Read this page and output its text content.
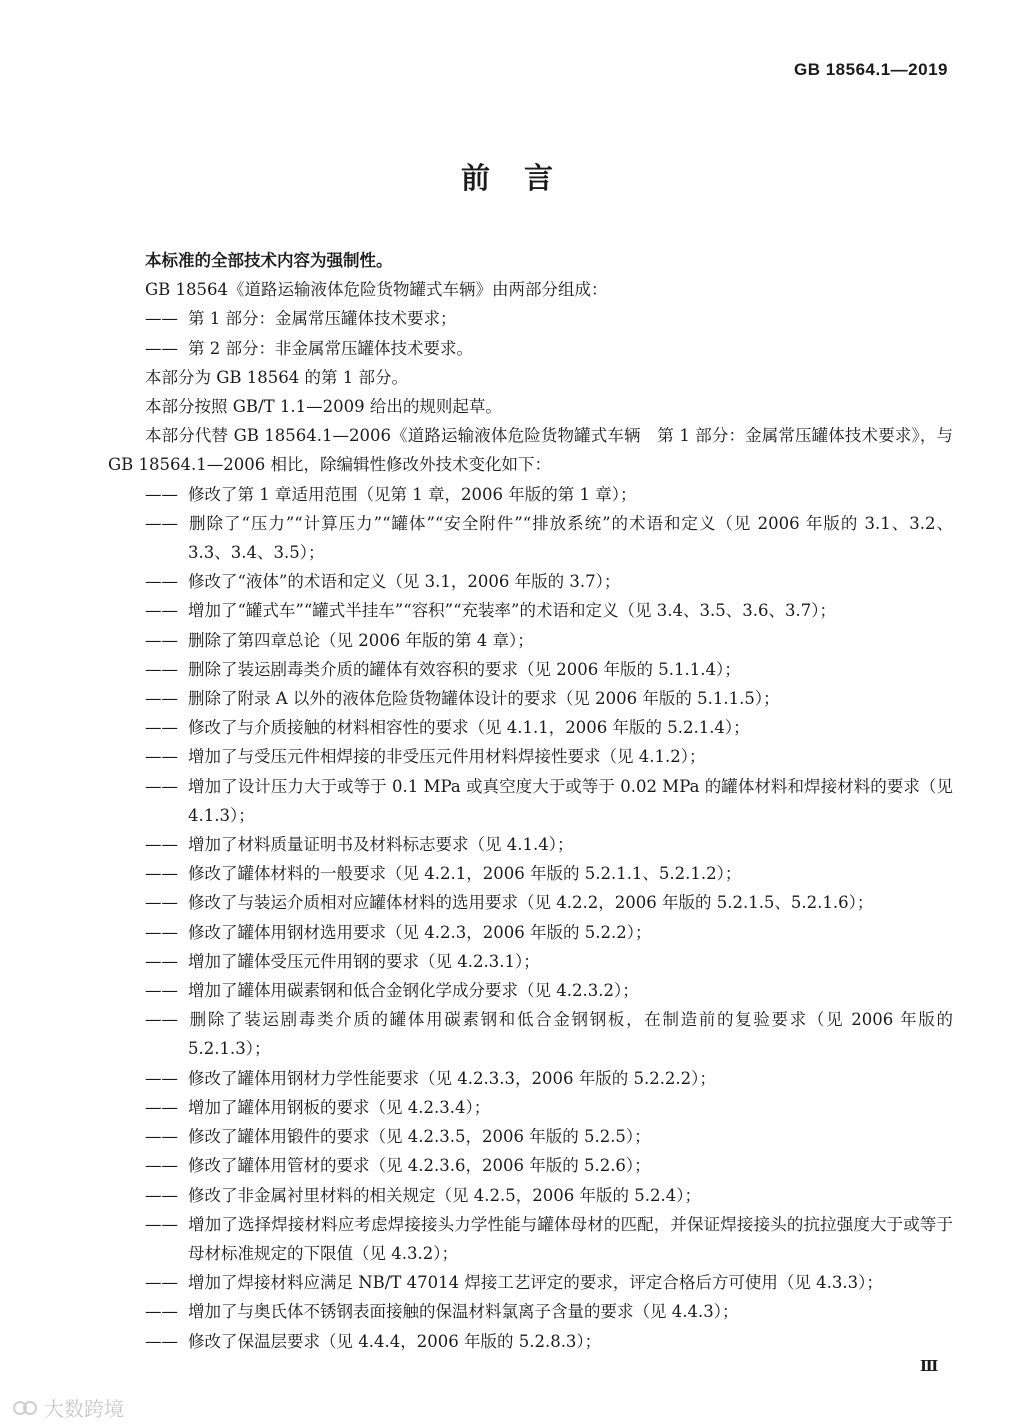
GB 18564.1—2019
前言

本标准的全部技术内容为强制性。

GB 18564《道路运输液体危险货物罐式车辆》由两部分组成：

—— 第 1 部分：金属常压罐体技术要求；

—— 第 2 部分：非金属常压罐体技术要求。

本部分为 GB 18564 的第 1 部分。

本部分按照 GB/T 1.1—2009 给出的规则起草。

本部分代替 GB 18564.1—2006《道路运输液体危险货物罐式车辆　第 1 部分：金属常压罐体技术要求》，与 GB 18564.1—2006 相比，除编辑性修改外技术变化如下：

—— 修改了第 1 章适用范围（见第 1 章，2006 年版的第 1 章）；

—— 删除了“压力”“计算压力”“罐体”“安全附件”“排放系统”的术语和定义（见 2006 年版的 3.1、3.2、3.3、3.4、3.5）；

—— 修改了“液体”的术语和定义（见 3.1，2006 年版的 3.7）；

—— 增加了“罐式车”“罐式半挂车”“容积”“充装率”的术语和定义（见 3.4、3.5、3.6、3.7）；

—— 删除了第四章总论（见 2006 年版的第 4 章）；

—— 删除了装运剧毒类介质的罐体有效容积的要求（见 2006 年版的 5.1.1.4）；

—— 删除了附录 A 以外的液体危险货物罐体设计的要求（见 2006 年版的 5.1.1.5）；

—— 修改了与介质接触的材料相容性的要求（见 4.1.1，2006 年版的 5.2.1.4）；

—— 增加了与受压元件相焊接的非受压元件用材料焊接性要求（见 4.1.2）；

—— 增加了设计压力大于或等于 0.1 MPa 或真空度大于或等于 0.02 MPa 的罐体材料和焊接材料的要求（见 4.1.3）；

—— 增加了材料质量证明书及材料标志要求（见 4.1.4）；

—— 修改了罐体材料的一般要求（见 4.2.1，2006 年版的 5.2.1.1、5.2.1.2）；

—— 修改了与装运介质相对应罐体材料的选用要求（见 4.2.2，2006 年版的 5.2.1.5、5.2.1.6）；

—— 修改了罐体用钢材选用要求（见 4.2.3，2006 年版的 5.2.2）；

—— 增加了罐体受压元件用钢的要求（见 4.2.3.1）；

—— 增加了罐体用碳素钢和低合金钢化学成分要求（见 4.2.3.2）；

—— 删除了装运剧毒类介质的罐体用碳素钢和低合金钢钢板，在制造前的复验要求（见 2006 年版的 5.2.1.3）；

—— 修改了罐体用钢材力学性能要求（见 4.2.3.3，2006 年版的 5.2.2.2）；

—— 增加了罐体用钢板的要求（见 4.2.3.4）；

—— 修改了罐体用锻件的要求（见 4.2.3.5，2006 年版的 5.2.5）；

—— 修改了罐体用管材的要求（见 4.2.3.6，2006 年版的 5.2.6）；

—— 修改了非金属衬里材料的相关规定（见 4.2.5，2006 年版的 5.2.4）；

—— 增加了选择焊接材料应考虑焊接接头力学性能与罐体母材的匹配，并保证焊接接头的抗拉强度大于或等于母材标准规定的下限值（见 4.3.2）；

—— 增加了焊接材料应满足 NB/T 47014 焊接工艺评定的要求，评定合格后方可使用（见 4.3.3）；

—— 增加了与奥氏体不锈钢表面接触的保温材料氯离子含量的要求（见 4.4.3）；

—— 修改了保温层要求（见 4.4.4，2006 年版的 5.2.8.3）；

Ⅲ
大数跨境
